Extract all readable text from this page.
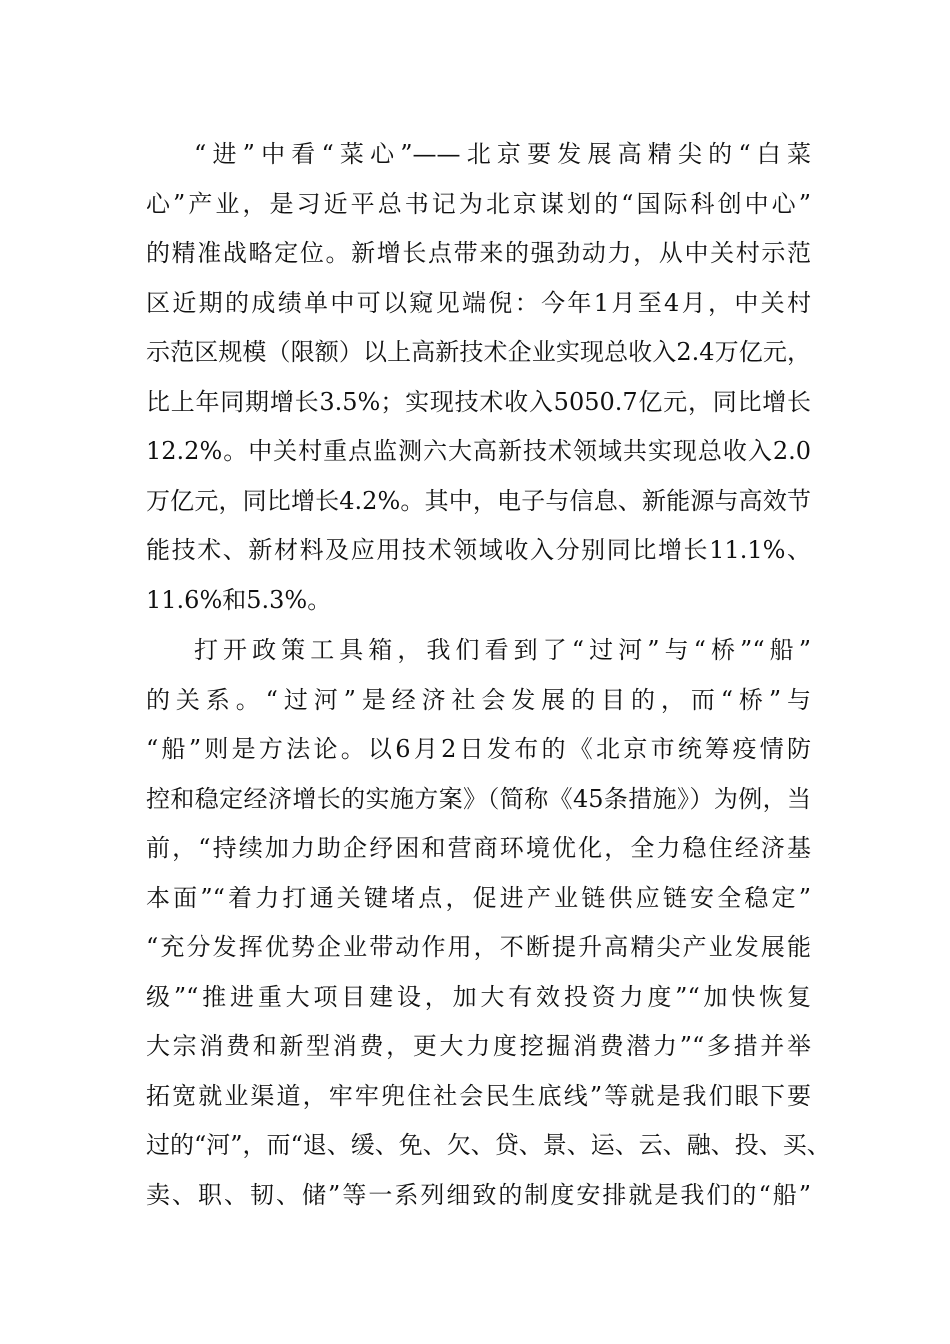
“进”中看“菜心”——北京要发展高精尖的“白菜
心”产业，是习近平总书记为北京谋划的“国际科创中心”
的精准战略定位。新增长点带来的强劲动力，从中关村示范
区近期的成绩单中可以窥见端倪：今年1月至4月，中关村
示范区规模（限额）以上高新技术企业实现总收入2.4万亿元，
比上年同期增长3.5%；实现技术收入5050.7亿元，同比增长
12.2%。中关村重点监测六大高新技术领域共实现总收入2.0
万亿元，同比增长4.2%。其中，电子与信息、新能源与高效节
能技术、新材料及应用技术领域收入分别同比增长11.1%、
11.6%和5.3%。
打开政策工具箱，我们看到了“过河”与“桥”“船”
的关系。“过河”是经济社会发展的目的，而“桥”与
“船”则是方法论。以6月2日发布的《北京市统筹疫情防
控和稳定经济增长的实施方案》（简称《45条措施》）为例，当
前，“持续加力助企纾困和营商环境优化，全力稳住经济基
本面”“着力打通关键堵点，促进产业链供应链安全稳定”
“充分发挥优势企业带动作用，不断提升高精尖产业发展能
级”“推进重大项目建设，加大有效投资力度”“加快恢复
大宗消费和新型消费，更大力度挖掘消费潜力”“多措并举
拓宽就业渠道，牢牢兜住社会民生底线”等就是我们眼下要
过的“河”，而“退、缓、免、欠、贷、景、运、云、融、投、买、
卖、职、韧、储”等一系列细致的制度安排就是我们的“船”
